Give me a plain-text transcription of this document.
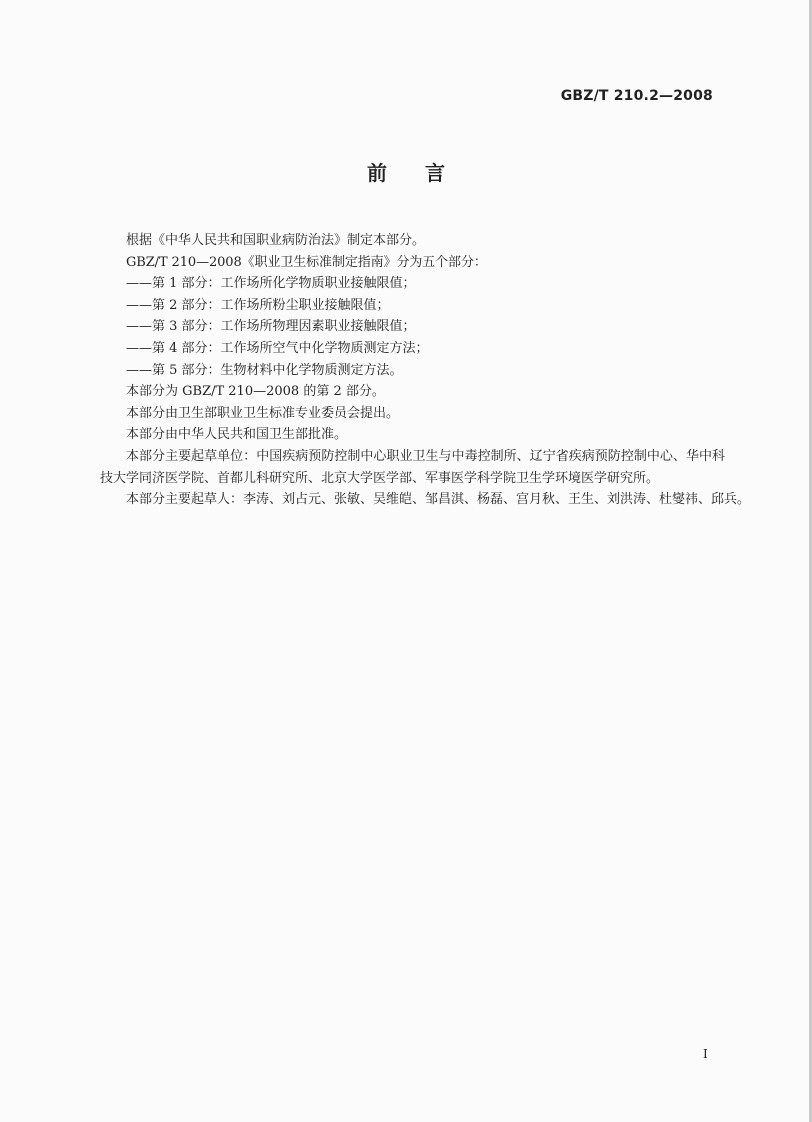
GBZ/T 210.2—2008
前言

根据《中华人民共和国职业病防治法》制定本部分。

GBZ/T 210—2008《职业卫生标准制定指南》分为五个部分：

——第 1 部分：工作场所化学物质职业接触限值；

——第 2 部分：工作场所粉尘职业接触限值；

——第 3 部分：工作场所物理因素职业接触限值；

——第 4 部分：工作场所空气中化学物质测定方法；

——第 5 部分：生物材料中化学物质测定方法。

本部分为 GBZ/T 210—2008 的第 2 部分。

本部分由卫生部职业卫生标准专业委员会提出。

本部分由中华人民共和国卫生部批准。

本部分主要起草单位：中国疾病预防控制中心职业卫生与中毒控制所、辽宁省疾病预防控制中心、华中科技大学同济医学院、首都儿科研究所、北京大学医学部、军事医学科学院卫生学环境医学研究所。

本部分主要起草人：李涛、刘占元、张敏、吴维皑、邹昌淇、杨磊、宫月秋、王生、刘洪涛、杜燮祎、邱兵。

I
